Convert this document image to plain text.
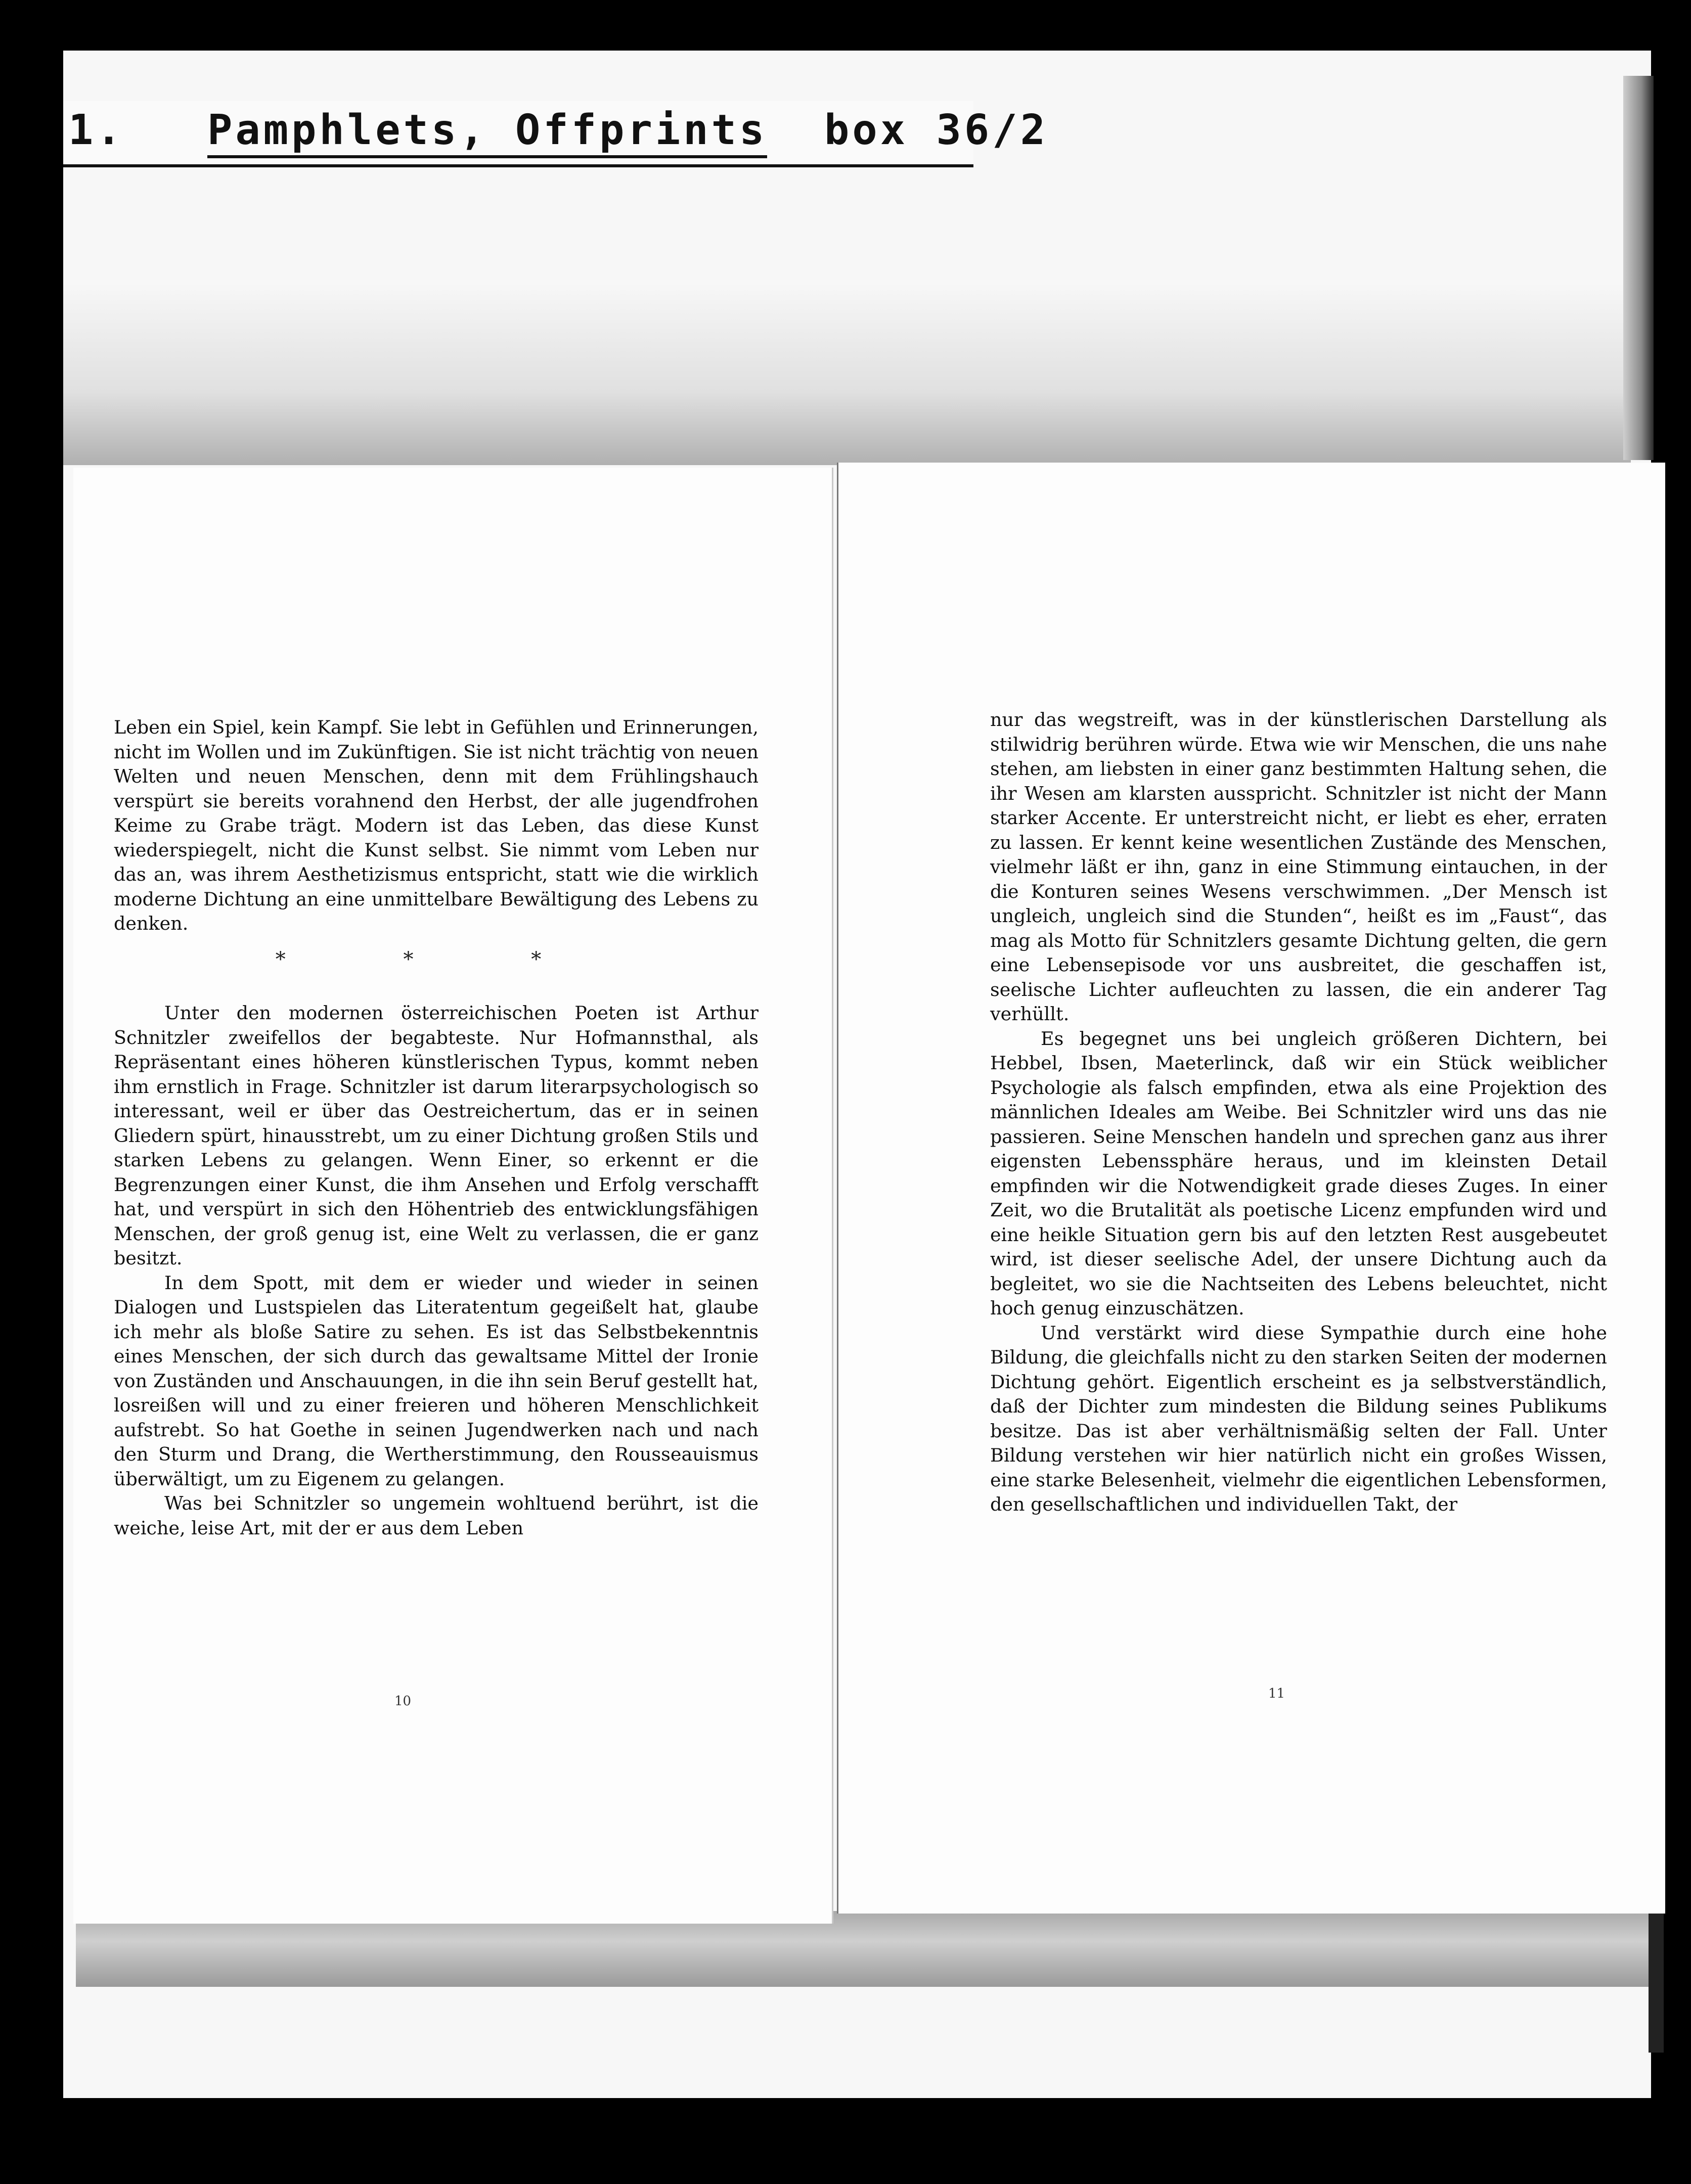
1. Pamphlets, Offprints box 36/2

Leben ein Spiel, kein Kampf. Sie lebt in Gefühlen und Erinnerungen, nicht im Wollen und im Zukünftigen. Sie ist nicht trächtig von neuen Welten und neuen Menschen, denn mit dem Frühlingshauch verspürt sie bereits vorahnend den Herbst, der alle jugendfrohen Keime zu Grabe trägt. Modern ist das Leben, das diese Kunst wiederspiegelt, nicht die Kunst selbst. Sie nimmt vom Leben nur das an, was ihrem Aesthetizismus entspricht, statt wie die wirklich moderne Dichtung an eine unmittelbare Bewältigung des Lebens zu denken.

* * *

Unter den modernen österreichischen Poeten ist Arthur Schnitzler zweifellos der begabteste. Nur Hofmannsthal, als Repräsentant eines höheren künstlerischen Typus, kommt neben ihm ernstlich in Frage. Schnitzler ist darum literarpsychologisch so interessant, weil er über das Oestreichertum, das er in seinen Gliedern spürt, hinausstrebt, um zu einer Dichtung großen Stils und starken Lebens zu gelangen. Wenn Einer, so erkennt er die Begrenzungen einer Kunst, die ihm Ansehen und Erfolg verschafft hat, und verspürt in sich den Höhentrieb des entwicklungsfähigen Menschen, der groß genug ist, eine Welt zu verlassen, die er ganz besitzt.

In dem Spott, mit dem er wieder und wieder in seinen Dialogen und Lustspielen das Literatentum gegeißelt hat, glaube ich mehr als bloße Satire zu sehen. Es ist das Selbstbekenntnis eines Menschen, der sich durch das gewaltsame Mittel der Ironie von Zuständen und Anschauungen, in die ihn sein Beruf gestellt hat, losreißen will und zu einer freieren und höheren Menschlichkeit aufstrebt. So hat Goethe in seinen Jugendwerken nach und nach den Sturm und Drang, die Wertherstimmung, den Rousseauismus überwältigt, um zu Eigenem zu gelangen.

Was bei Schnitzler so ungemein wohltuend berührt, ist die weiche, leise Art, mit der er aus dem Leben

10

nur das wegstreift, was in der künstlerischen Darstellung als stilwidrig berühren würde. Etwa wie wir Menschen, die uns nahe stehen, am liebsten in einer ganz bestimmten Haltung sehen, die ihr Wesen am klarsten ausspricht. Schnitzler ist nicht der Mann starker Accente. Er unterstreicht nicht, er liebt es eher, erraten zu lassen. Er kennt keine wesentlichen Zustände des Menschen, vielmehr läßt er ihn, ganz in eine Stimmung eintauchen, in der die Konturen seines Wesens verschwimmen. „Der Mensch ist ungleich, ungleich sind die Stunden“, heißt es im „Faust“, das mag als Motto für Schnitzlers gesamte Dichtung gelten, die gern eine Lebensepisode vor uns ausbreitet, die geschaffen ist, seelische Lichter aufleuchten zu lassen, die ein anderer Tag verhüllt.

Es begegnet uns bei ungleich größeren Dichtern, bei Hebbel, Ibsen, Maeterlinck, daß wir ein Stück weiblicher Psychologie als falsch empfinden, etwa als eine Projektion des männlichen Ideales am Weibe. Bei Schnitzler wird uns das nie passieren. Seine Menschen handeln und sprechen ganz aus ihrer eigensten Lebenssphäre heraus, und im kleinsten Detail empfinden wir die Notwendigkeit grade dieses Zuges. In einer Zeit, wo die Brutalität als poetische Licenz empfunden wird und eine heikle Situation gern bis auf den letzten Rest ausgebeutet wird, ist dieser seelische Adel, der unsere Dichtung auch da begleitet, wo sie die Nachtseiten des Lebens beleuchtet, nicht hoch genug einzuschätzen.

Und verstärkt wird diese Sympathie durch eine hohe Bildung, die gleichfalls nicht zu den starken Seiten der modernen Dichtung gehört. Eigentlich erscheint es ja selbstverständlich, daß der Dichter zum mindesten die Bildung seines Publikums besitze. Das ist aber verhältnismäßig selten der Fall. Unter Bildung verstehen wir hier natürlich nicht ein großes Wissen, eine starke Belesenheit, vielmehr die eigentlichen Lebensformen, den gesellschaftlichen und individuellen Takt, der

11
